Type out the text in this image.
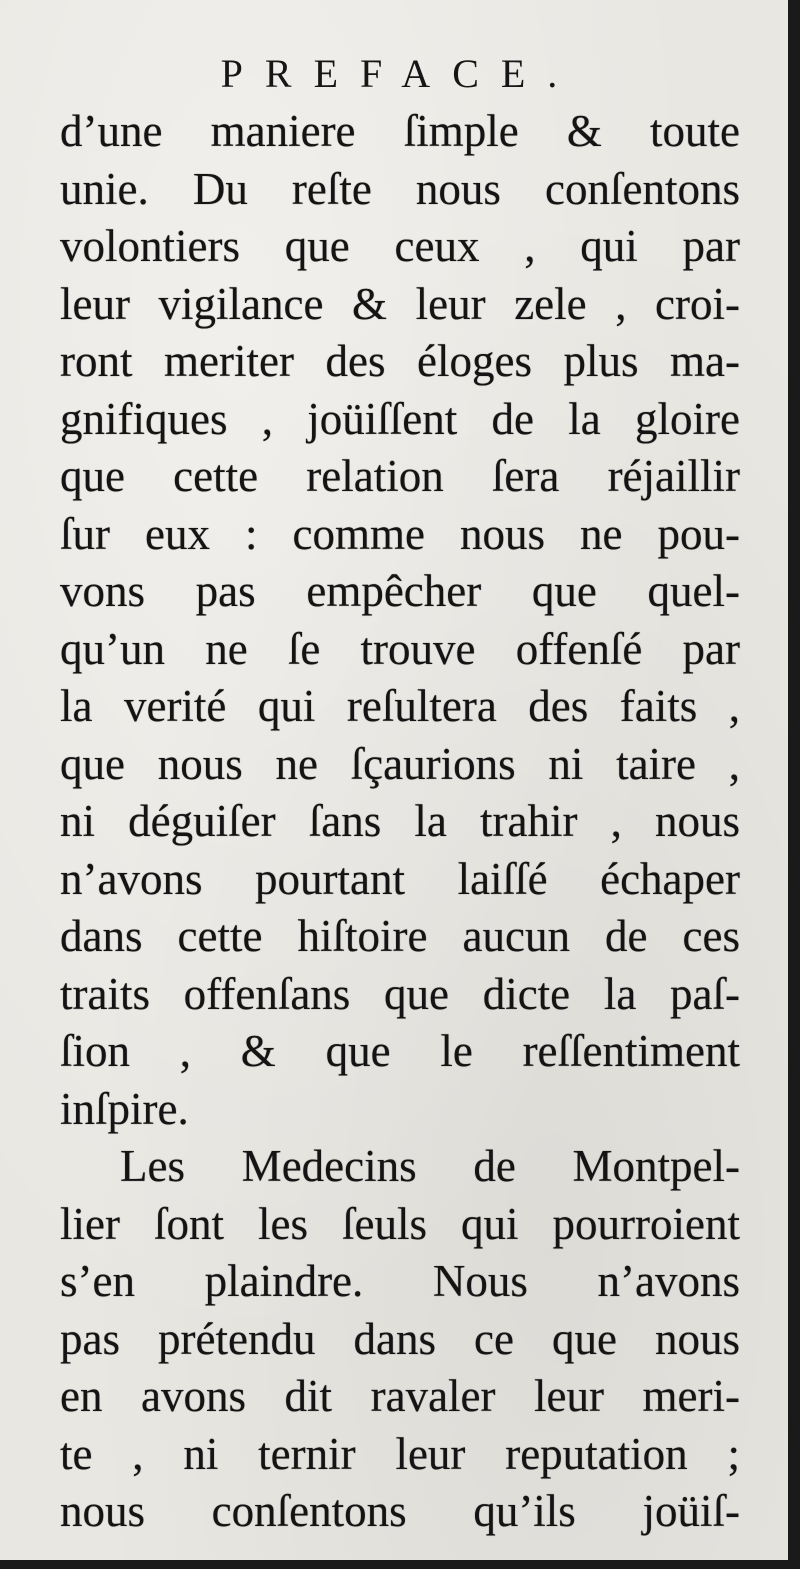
PREFACE.
d’une maniere ſimple & toute
unie. Du reſte nous conſentons
volontiers que ceux , qui par
leur vigilance & leur zele , croi-
ront meriter des éloges plus ma-
gnifiques , joüiſſent de la gloire
que cette relation ſera réjaillir
ſur eux : comme nous ne pou-
vons pas empêcher que quel-
qu’un ne ſe trouve offenſé par
la verité qui reſultera des faits ,
que nous ne ſçaurions ni taire ,
ni déguiſer ſans la trahir , nous
n’avons pourtant laiſſé échaper
dans cette hiſtoire aucun de ces
traits offenſans que dicte la paſ-
ſion , & que le reſſentiment
inſpire.
Les Medecins de Montpel-
lier ſont les ſeuls qui pourroient
s’en plaindre. Nous n’avons
pas prétendu dans ce que nous
en avons dit ravaler leur meri-
te , ni ternir leur reputation ;
nous conſentons qu’ils joüiſ-
